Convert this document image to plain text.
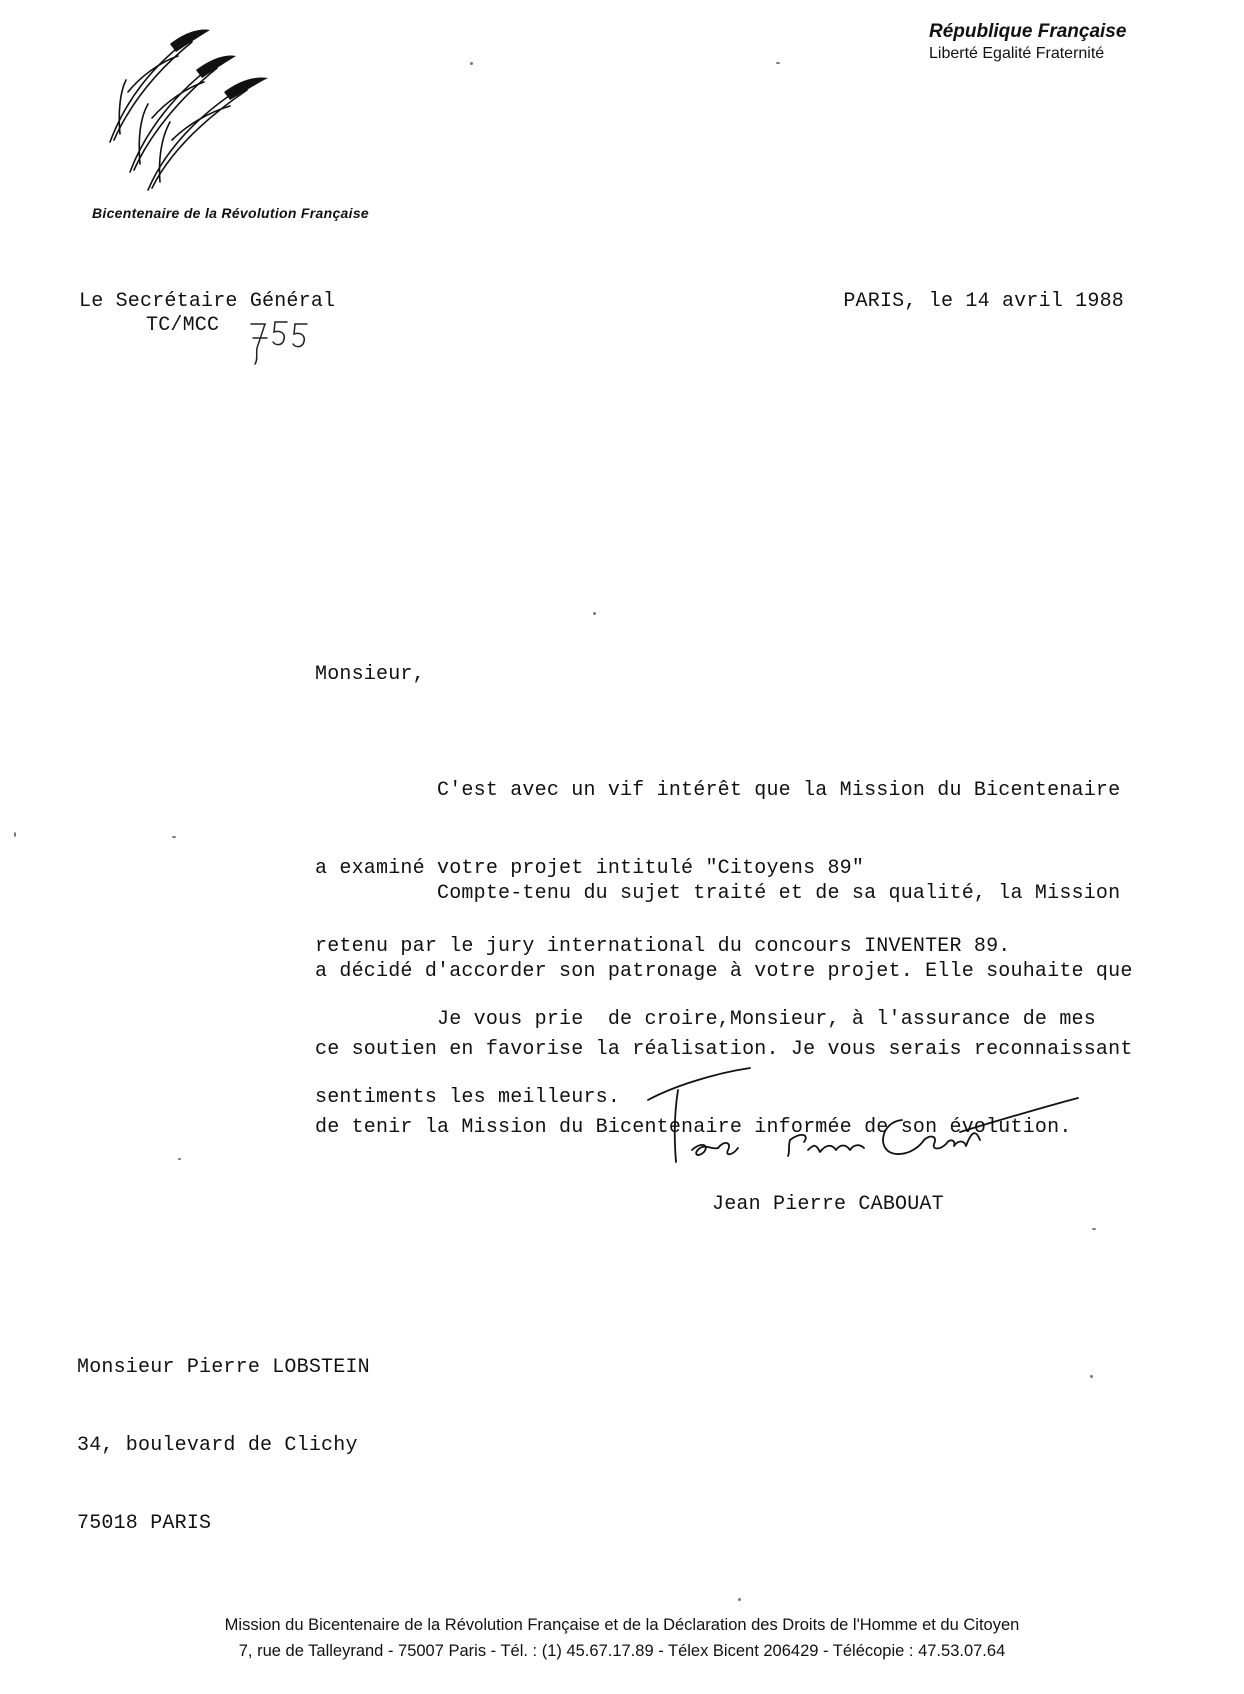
Bicentenaire de la Révolution Française
République Française
Liberté Egalité Fraternité
Le Secrétaire Général
TC/MCC
PARIS, le 14 avril 1988
Monsieur,

C'est avec un vif intérêt que la Mission du Bicentenaire

a examiné votre projet intitulé "Citoyens 89"

retenu par le jury international du concours INVENTER 89.

Compte-tenu du sujet traité et de sa qualité, la Mission

a décidé d'accorder son patronage à votre projet. Elle souhaite que

ce soutien en favorise la réalisation. Je vous serais reconnaissant

de tenir la Mission du Bicentenaire informée de son évolution.

Je vous prie  de croire,Monsieur, à l'assurance de mes

sentiments les meilleurs.

Jean Pierre CABOUAT

Monsieur Pierre LOBSTEIN

34, boulevard de Clichy

75018 PARIS

Mission du Bicentenaire de la Révolution Française et de la Déclaration des Droits de l'Homme et du Citoyen
7, rue de Talleyrand - 75007 Paris - Tél. : (1) 45.67.17.89 - Télex Bicent 206429 - Télécopie : 47.53.07.64
